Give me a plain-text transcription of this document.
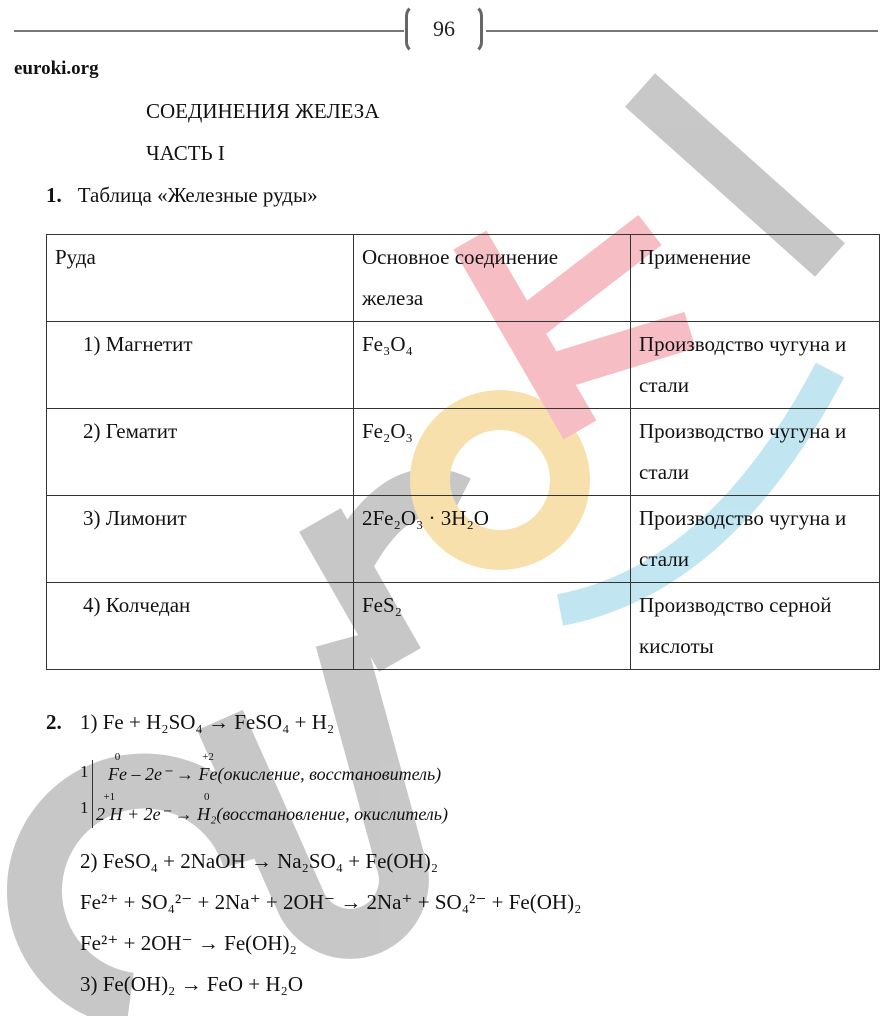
96
euroki.org
СОЕДИНЕНИЯ ЖЕЛЕЗА
ЧАСТЬ I
1. Таблица «Железные руды»
Руда	Основное соединение железа	Применение
1) Магнетит	Fe₃O₄	Производство чугуна и стали
2) Гематит	Fe₂O₃	Производство чугуна и стали
3) Лимонит	2Fe₂O₃ · 3H₂O	Производство чугуна и стали
4) Колчедан	FeS₂	Производство серной кислоты
2. 1) Fe + H₂SO₄ → FeSO₄ + H₂
1
1
0
Fe – 2e⁻ →
+2
Fe(окисление, восстановитель)
+1
2 H + 2e⁻ →
0
H₂(восстановление, окислитель)
2) FeSO₄ + 2NaOH → Na₂SO₄ + Fe(OH)₂
Fe²⁺ + SO₄²⁻ + 2Na⁺ + 2OH⁻ → 2Na⁺ + SO₄²⁻ + Fe(OH)₂
Fe²⁺ + 2OH⁻ → Fe(OH)₂
3) Fe(OH)₂ → FeO + H₂O
